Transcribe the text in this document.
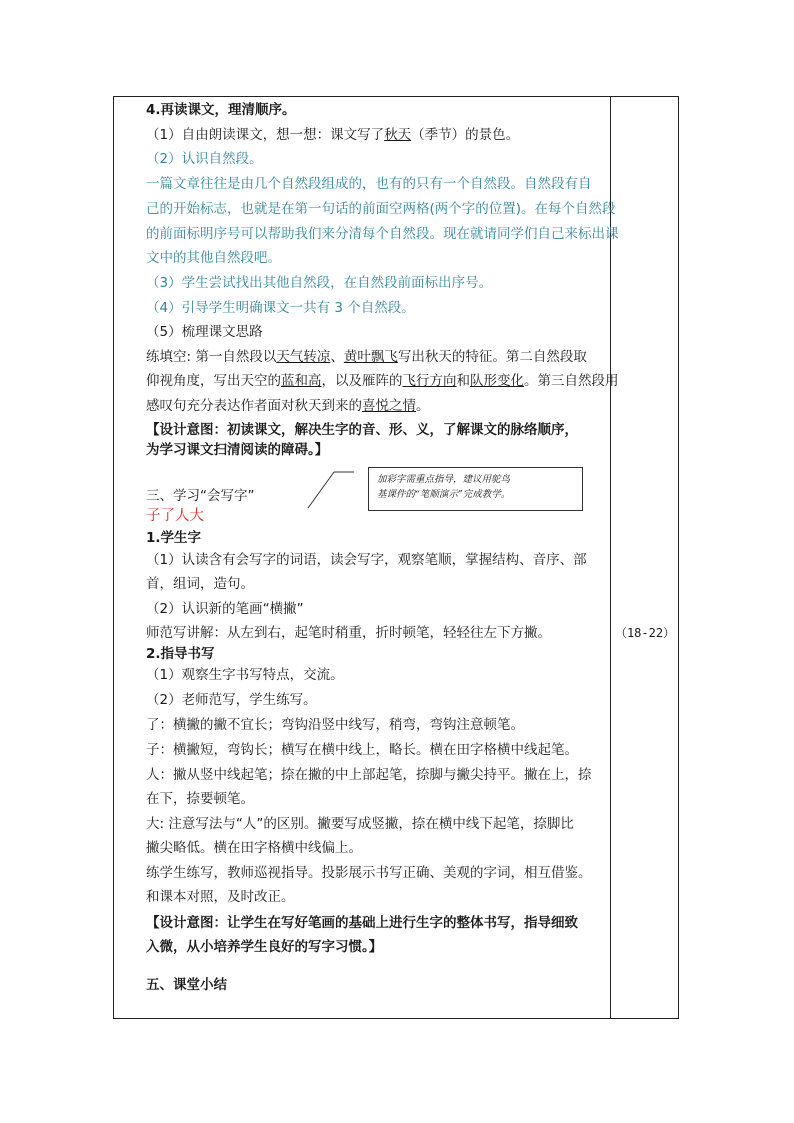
（18-22）
4.再读课文，理清顺序。
（1）自由朗读课文，想一想：课文写了秋天（季节）的景色。
（2）认识自然段。
一篇文章往往是由几个自然段组成的，也有的只有一个自然段。自然段有自
己的开始标志，也就是在第一句话的前面空两格(两个字的位置)。在每个自然段
的前面标明序号可以帮助我们来分清每个自然段。现在就请同学们自己来标出课
文中的其他自然段吧。
（3）学生尝试找出其他自然段，在自然段前面标出序号。
（4）引导学生明确课文一共有 3 个自然段。
（5）梳理课文思路
练填空: 第一自然段以天气转凉、黄叶飘飞写出秋天的特征。第二自然段取
仰视角度，写出天空的蓝和高，以及雁阵的飞行方向和队形变化。第三自然段用
感叹句充分表达作者面对秋天到来的喜悦之情。
【设计意图：初读课文，解决生字的音、形、义，了解课文的脉络顺序，
为学习课文扫清阅读的障碍。】
加彩字需重点指导，建议用鸵鸟
基课件的“笔顺演示”完成教学。
三、学习“会写字”
子了人大
1.学生字
（1）认读含有会写字的词语，读会写字，观察笔顺，掌握结构、音序、部
首，组词，造句。
（2）认识新的笔画“横撇”
师范写讲解：从左到右，起笔时稍重，折时顿笔，轻轻往左下方撇。
2.指导书写
（1）观察生字书写特点，交流。
（2）老师范写，学生练写。
了：横撇的撇不宜长；弯钩沿竖中线写，稍弯，弯钩注意顿笔。
子：横撇短，弯钩长；横写在横中线上，略长。横在田字格横中线起笔。
人：撇从竖中线起笔；捺在撇的中上部起笔，捺脚与撇尖持平。撇在上，捺
在下，捺要顿笔。
大: 注意写法与“人”的区别。撇要写成竖撇，捺在横中线下起笔，捺脚比
撇尖略低。横在田字格横中线偏上。
练学生练写，教师巡视指导。投影展示书写正确、美观的字词，相互借鉴。
和课本对照，及时改正。
【设计意图：让学生在写好笔画的基础上进行生字的整体书写，指导细致
入微，从小培养学生良好的写字习惯。】
五、课堂小结
